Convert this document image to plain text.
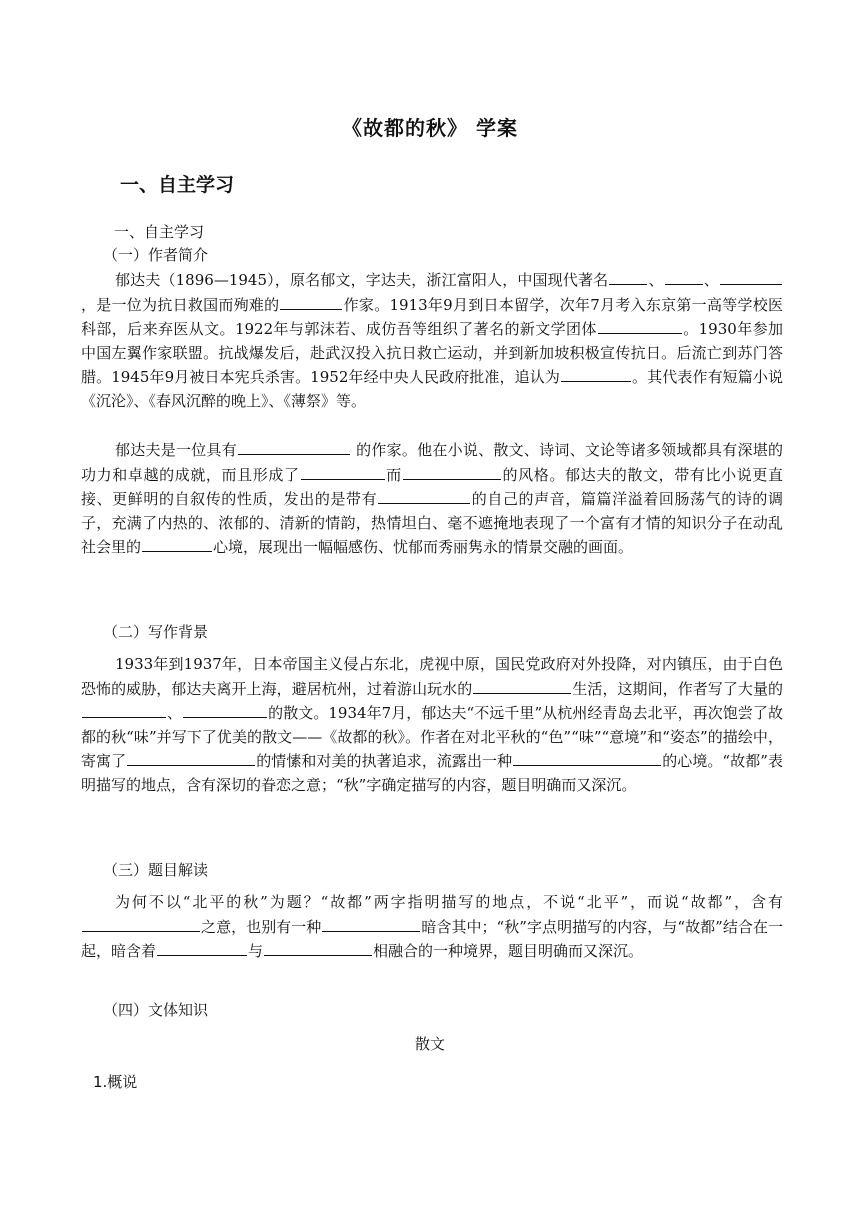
《故都的秋》 学案
一、自主学习
一、自主学习
（一）作者简介
郁达夫（1896—1945），原名郁文，字达夫，浙江富阳人，中国现代著名	、	、，是一位为抗日救国而殉难的	作家。1913年9月到日本留学，次年7月考入东京第一高等学校医科部，后来弃医从文。1922年与郭沫若、成仿吾等组织了著名的新文学团体	。1930年参加中国左翼作家联盟。抗战爆发后，赴武汉投入抗日救亡运动，并到新加坡积极宣传抗日。后流亡到苏门答腊。1945年9月被日本宪兵杀害。1952年经中央人民政府批准，追认为	。其代表作有短篇小说《沉沦》、《春风沉醉的晚上》、《薄祭》等。
郁达夫是一位具有	的作家。他在小说、散文、诗词、文论等诸多领域都具有深堪的功力和卓越的成就，而且形成了	而	的风格。郁达夫的散文，带有比小说更直接、更鲜明的自叙传的性质，发出的是带有	的自己的声音，篇篇洋溢着回肠荡气的诗的调子，充满了内热的、浓郁的、清新的情韵，热情坦白、毫不遮掩地表现了一个富有才情的知识分子在动乱社会里的	心境，展现出一幅幅感伤、忧郁而秀丽隽永的情景交融的画面。
（二）写作背景
1933年到1937年，日本帝国主义侵占东北，虎视中原，国民党政府对外投降，对内镇压，由于白色恐怖的威胁，郁达夫离开上海，避居杭州，过着游山玩水的	生活，这期间，作者写了大量的 、	的散文。1934年7月，郁达夫“不远千里”从杭州经青岛去北平，再次饱尝了故都的秋“味”并写下了优美的散文——《故都的秋》。作者在对北平秋的“色”“味”“意境”和“姿态”的描绘中，寄寓了	的情愫和对美的执著追求，流露出一种	的心境。“故都”表明描写的地点，含有深切的眷恋之意；“秋”字确定描写的内容，题目明确而又深沉。
（三）题目解读
为何不以“北平的秋”为题？“故都”两字指明描写的地点，不说“北平”，而说“故都”，含有之意，也别有一种	暗含其中；“秋”字点明描写的内容，与“故都”结合在一起，暗含着	与	相融合的一种境界，题目明确而又深沉。
（四）文体知识
散文
1.概说
